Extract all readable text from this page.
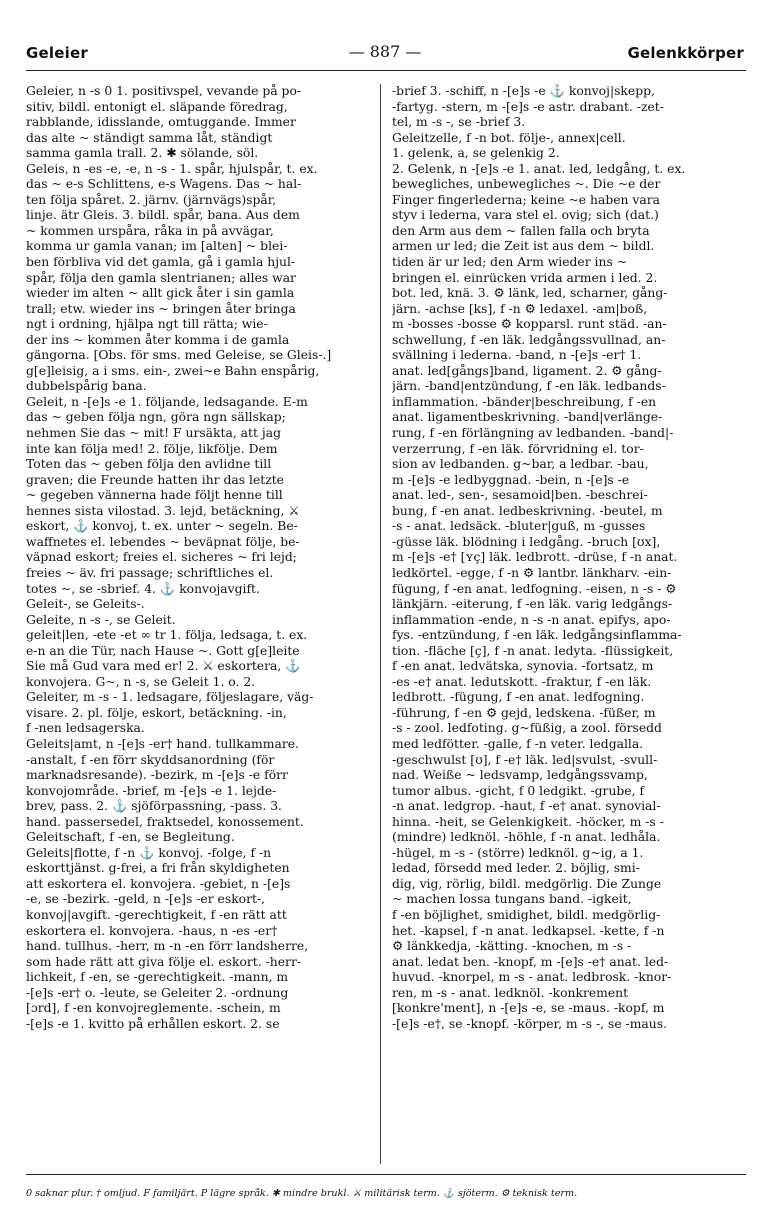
Geleier	— 887 —	Gelenkkörper
Geleier, n -s 0 1. positivspel, vevande på po-
sitiv, bildl. entonigt el. släpande föredrag,
rabblande, idisslande, omtuggande. Immer
das alte ~ ständigt samma låt, ständigt
samma gamla trall. 2. ✱ sölande, söl.
Geleis, n -es -e, -e, n -s - 1. spår, hjulspår, t. ex.
das ~ e-s Schlittens, e-s Wagens. Das ~ hal-
ten följa spåret. 2. järnv. (järnvägs)spår,
linje. ätr Gleis. 3. bildl. spår, bana. Aus dem
~ kommen urspåra, råka in på avvägar,
komma ur gamla vanan; im [alten] ~ blei-
ben förbliva vid det gamla, gå i gamla hjul-
spår, följa den gamla slentrianen; alles war
wieder im alten ~ allt gick åter i sin gamla
trall; etw. wieder ins ~ bringen åter bringa
ngt i ordning, hjälpa ngt till rätta; wie-
der ins ~ kommen åter komma i de gamla
gängorna. [Obs. för sms. med Geleise, se Gleis-.]
g[e]leisig, a i sms. ein-, zwei~e Bahn enspårig,
dubbelspårig bana.
Geleit, n -[e]s -e 1. följande, ledsagande. E-m
das ~ geben följa ngn, göra ngn sällskap;
nehmen Sie das ~ mit! F ursäkta, att jag
inte kan följa med! 2. följe, likfölje. Dem
Toten das ~ geben följa den avlidne till
graven; die Freunde hatten ihr das letzte
~ gegeben vännerna hade följt henne till
hennes sista vilostad. 3. lejd, betäckning, ⚔
eskort, ⚓ konvoj, t. ex. unter ~ segeln. Be-
waffnetes el. lebendes ~ beväpnat följe, be-
väpnad eskort; freies el. sicheres ~ fri lejd;
freies ~ äv. fri passage; schriftliches el.
totes ~, se -sbrief. 4. ⚓ konvojavgift.
Geleit-, se Geleits-.
Geleite, n -s -, se Geleit.
geleit|len, -ete -et ∞ tr 1. följa, ledsaga, t. ex.
e-n an die Tür, nach Hause ~. Gott g[e]leite
Sie må Gud vara med er! 2. ⚔ eskortera, ⚓
konvojera. G~, n -s, se Geleit 1. o. 2.
Geleiter, m -s - 1. ledsagare, följeslagare, väg-
visare. 2. pl. följe, eskort, betäckning. -in,
f -nen ledsagerska.
Geleits|amt, n -[e]s -er† hand. tullkammare.
-anstalt, f -en förr skyddsanordning (för
marknadsresande). -bezirk, m -[e]s -e förr
konvojområde. -brief, m -[e]s -e 1. lejde-
brev, pass. 2. ⚓ sjöförpassning, -pass. 3.
hand. passersedel, fraktsedel, konossement.
Geleitschaft, f -en, se Begleitung.
Geleits|flotte, f -n ⚓ konvoj. -folge, f -n
eskorttjänst. g-frei, a fri från skyldigheten
att eskortera el. konvojera. -gebiet, n -[e]s
-e, se -bezirk. -geld, n -[e]s -er eskort-,
konvoj|avgift. -gerechtigkeit, f -en rätt att
eskortera el. konvojera. -haus, n -es -er†
hand. tullhus. -herr, m -n -en förr landsherre,
som hade rätt att giva följe el. eskort. -herr-
lichkeit, f -en, se -gerechtigkeit. -mann, m
-[e]s -er† o. -leute, se Geleiter 2. -ordnung
[ɔrd], f -en konvojreglemente. -schein, m
-[e]s -e 1. kvitto på erhållen eskort. 2. se
-brief 3. -schiff, n -[e]s -e ⚓ konvoj|skepp,
-fartyg. -stern, m -[e]s -e astr. drabant. -zet-
tel, m -s -, se -brief 3.
Geleitzelle, f -n bot. följe-, annex|cell.
1. gelenk, a, se gelenkig 2.
2. Gelenk, n -[e]s -e 1. anat. led, ledgång, t. ex.
bewegliches, unbewegliches ~. Die ~e der
Finger fingerlederna; keine ~e haben vara
styv i lederna, vara stel el. ovig; sich (dat.)
den Arm aus dem ~ fallen falla och bryta
armen ur led; die Zeit ist aus dem ~ bildl.
tiden är ur led; den Arm wieder ins ~
bringen el. einrücken vrida armen i led. 2.
bot. led, knä. 3. ⚙ länk, led, scharner, gång-
järn. -achse [ks], f -n ⚙ ledaxel. -am|boß,
m -bosses -bosse ⚙ kopparsl. runt städ. -an-
schwellung, f -en läk. ledgångssvullnad, an-
svällning i lederna. -band, n -[e]s -er† 1.
anat. led[gångs]band, ligament. 2. ⚙ gång-
järn. -band|entzündung, f -en läk. ledbands-
inflammation. -bänder|beschreibung, f -en
anat. ligamentbeskrivning. -band|verlänge-
rung, f -en förlängning av ledbanden. -band|-
verzerrung, f -en läk. förvridning el. tor-
sion av ledbanden. g~bar, a ledbar. -bau,
m -[e]s -e ledbyggnad. -bein, n -[e]s -e
anat. led-, sen-, sesamoid|ben. -beschrei-
bung, f -en anat. ledbeskrivning. -beutel, m
-s - anat. ledsäck. -bluter|guß, m -gusses
-güsse läk. blödning i ledgång. -bruch [ʊx],
m -[e]s -e† [ʏç] läk. ledbrott. -drüse, f -n anat.
ledkörtel. -egge, f -n ⚙ lantbr. länkharv. -ein-
fügung, f -en anat. ledfogning. -eisen, n -s - ⚙
länkjärn. -eiterung, f -en läk. varig ledgångs-
inflammation -ende, n -s -n anat. epifys, apo-
fys. -entzündung, f -en läk. ledgångsinflamma-
tion. -fläche [ç], f -n anat. ledyta. -flüssigkeit,
f -en anat. ledvätska, synovia. -fortsatz, m
-es -e† anat. ledutskott. -fraktur, f -en läk.
ledbrott. -fügung, f -en anat. ledfogning.
-führung, f -en ⚙ gejd, ledskena. -füßer, m
-s - zool. ledfoting. g~füßig, a zool. försedd
med ledfötter. -galle, f -n veter. ledgalla.
-geschwulst [ʊ], f -e† läk. led|svulst, -svull-
nad. Weiße ~ ledsvamp, ledgångssvamp,
tumor albus. -gicht, f 0 ledgikt. -grube, f
-n anat. ledgrop. -haut, f -e† anat. synovial-
hinna. -heit, se Gelenkigkeit. -höcker, m -s -
(mindre) ledknöl. -höhle, f -n anat. ledhåla.
-hügel, m -s - (större) ledknöl. g~ig, a 1.
ledad, försedd med leder. 2. böjlig, smi-
dig, vig, rörlig, bildl. medgörlig. Die Zunge
~ machen lossa tungans band. -igkeit,
f -en böjlighet, smidighet, bildl. medgörlig-
het. -kapsel, f -n anat. ledkapsel. -kette, f -n
⚙ länkkedja, -kätting. -knochen, m -s -
anat. ledat ben. -knopf, m -[e]s -e† anat. led-
huvud. -knorpel, m -s - anat. ledbrosk. -knor-
ren, m -s - anat. ledknöl. -konkrement
[konkre'ment], n -[e]s -e, se -maus. -kopf, m
-[e]s -e†, se -knopf. -körper, m -s -, se -maus.
0 saknar plur. † omljud. F familjärt. P lägre språk. ✱ mindre brukl. ⚔ militärisk term. ⚓ sjöterm. ⚙ teknisk term.
